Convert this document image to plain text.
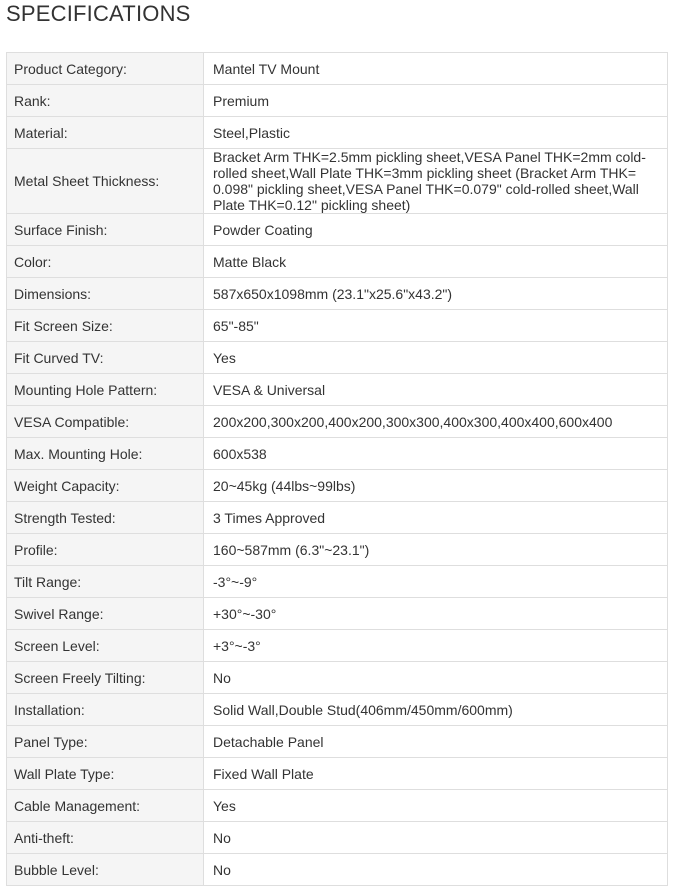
SPECIFICATIONS
Product Category:	Mantel TV Mount
Rank:	Premium
Material:	Steel,Plastic
Metal Sheet Thickness:	Bracket Arm THK=2.5mm pickling sheet,VESA Panel THK=2mm cold-rolled sheet,Wall Plate THK=3mm pickling sheet (Bracket Arm THK= 0.098" pickling sheet,VESA Panel THK=0.079" cold-rolled sheet,Wall Plate THK=0.12" pickling sheet)
Surface Finish:	Powder Coating
Color:	Matte Black
Dimensions:	587x650x1098mm (23.1"x25.6"x43.2")
Fit Screen Size:	65"-85"
Fit Curved TV:	Yes
Mounting Hole Pattern:	VESA & Universal
VESA Compatible:	200x200,300x200,400x200,300x300,400x300,400x400,600x400
Max. Mounting Hole:	600x538
Weight Capacity:	20~45kg (44lbs~99lbs)
Strength Tested:	3 Times Approved
Profile:	160~587mm (6.3"~23.1")
Tilt Range:	-3°~-9°
Swivel Range:	+30°~-30°
Screen Level:	+3°~-3°
Screen Freely Tilting:	No
Installation:	Solid Wall,Double Stud(406mm/450mm/600mm)
Panel Type:	Detachable Panel
Wall Plate Type:	Fixed Wall Plate
Cable Management:	Yes
Anti-theft:	No
Bubble Level:	No
